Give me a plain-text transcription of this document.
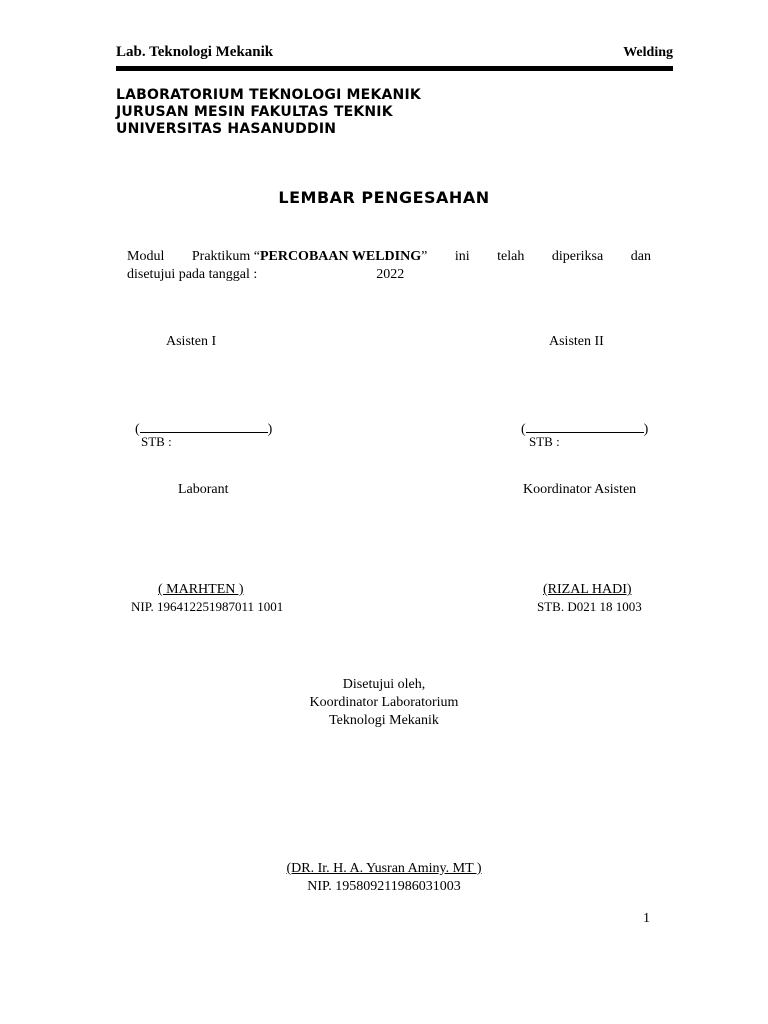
Lab. Teknologi Mekanik	Welding
LABORATORIUM TEKNOLOGI MEKANIK
JURUSAN MESIN FAKULTAS TEKNIK
UNIVERSITAS HASANUDDIN
LEMBAR PENGESAHAN
Modul Praktikum “PERCOBAAN WELDING” ini telah diperiksa dan
disetujui pada tanggal :	2022
Asisten I
(	)
STB :
Asisten II
(	)
STB :
Laborant
( MARHTEN )
NIP. 196412251987011 1001
Koordinator Asisten
(RIZAL HADI)
STB. D021 18 1003
Disetujui oleh,
Koordinator Laboratorium
Teknologi Mekanik
(DR. Ir. H. A. Yusran Aminy. MT )
NIP. 195809211986031003
1
